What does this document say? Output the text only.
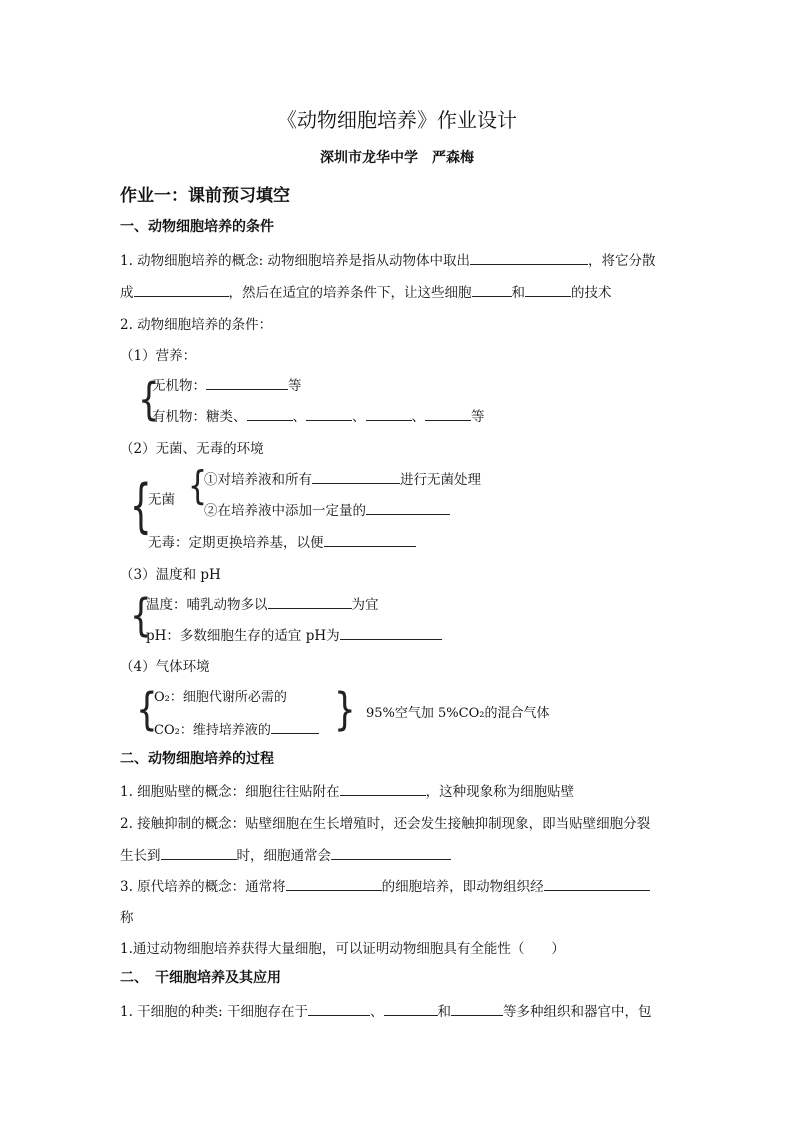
《动物细胞培养》作业设计
深圳市龙华中学　严森梅
作业一：课前预习填空
一、动物细胞培养的条件
1. 动物细胞培养的概念: 动物细胞培养是指从动物体中取出	，将它分散
成	，然后在适宜的培养条件下，让这些细胞	和	的技术
2. 动物细胞培养的条件：
（1）营养：
{
无机物：	等
有机物：糖类、	、	、	、	等
（2）无菌、无毒的环境
{
无菌 {
①对培养液和所有	进行无菌处理
②在培养液中添加一定量的
无毒：定期更换培养基，以便
（3）温度和 pH
{
温度：哺乳动物多以	为宜
pH：多数细胞生存的适宜 pH为
（4）气体环境
{
O₂：细胞代谢所必需的
CO₂：维持培养液的	{ 95%空气加 5%CO₂的混合气体
二、动物细胞培养的过程
1. 细胞贴壁的概念：细胞往往贴附在	，这种现象称为细胞贴壁
2. 接触抑制的概念：贴壁细胞在生长增殖时，还会发生接触抑制现象，即当贴壁细胞分裂
生长到	时，细胞通常会
3. 原代培养的概念：通常将	的细胞培养，即动物组织经
称
1.通过动物细胞培养获得大量细胞，可以证明动物细胞具有全能性（　　）
二、　干细胞培养及其应用
1. 干细胞的种类: 干细胞存在于	、	和	等多种组织和器官中，包
